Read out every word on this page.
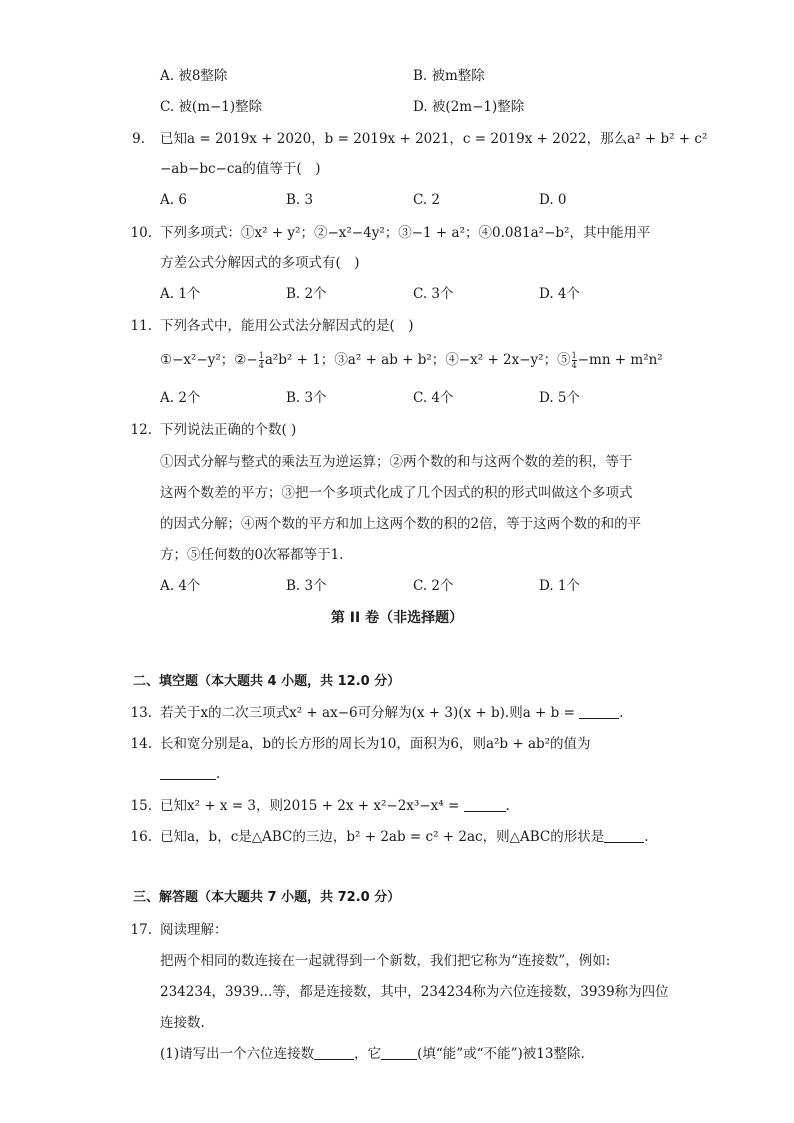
A. 被8整除	B. 被m整除
C. 被(m−1)整除	D. 被(2m−1)整除
9. 已知a = 2019x + 2020，b = 2019x + 2021，c = 2019x + 2022，那么a² + b² + c²
−ab−bc−ca的值等于(　)
A. 6	B. 3	C. 2	D. 0
10. 下列多项式：①x² + y²；②−x²−4y²；③−1 + a²；④0.081a²−b²，其中能用平
方差公式分解因式的多项式有(　)
A. 1个	B. 2个	C. 3个	D. 4个
11. 下列各式中，能用公式法分解因式的是(　)
①−x²−y²；②− $\frac{1}{4} a^2b^2 + 1$；③a² + ab + b²；④−x² + 2x−y²；⑤ $\frac{1}{4} -mn + m^2n^2$
A. 2个	B. 3个	C. 4个	D. 5个
12. 下列说法正确的个数( )
①因式分解与整式的乘法互为逆运算；②两个数的和与这两个数的差的积，等于
这两个数差的平方；③把一个多项式化成了几个因式的积的形式叫做这个多项式
的因式分解；④两个数的平方和加上这两个数的积的2倍，等于这两个数的和的平
方；⑤任何数的0次幂都等于1.
A. 4个	B. 3个	C. 2个	D. 1个
第 II 卷（非选择题）
二、填空题（本大题共 4 小题，共 12.0 分）
13. 若关于x的二次三项式x² + ax−6可分解为(x + 3)(x + b).则a + b =	.
14. 长和宽分别是a，b的长方形的周长为10，面积为6，则a²b + ab²的值为
.
15. 已知x² + x = 3，则2015 + 2x + x²−2x³−x⁴ =	.
16. 已知a，b，c是△ABC的三边，b² + 2ab = c² + 2ac，则△ABC的形状是	.
三、解答题（本大题共 7 小题，共 72.0 分）
17. 阅读理解：
把两个相同的数连接在一起就得到一个新数，我们把它称为“连接数”，例如:
234234，3939...等，都是连接数，其中，234234称为六位连接数，3939称为四位
连接数.
(1)请写出一个六位连接数	，它	(填“能”或“不能”)被13整除.
